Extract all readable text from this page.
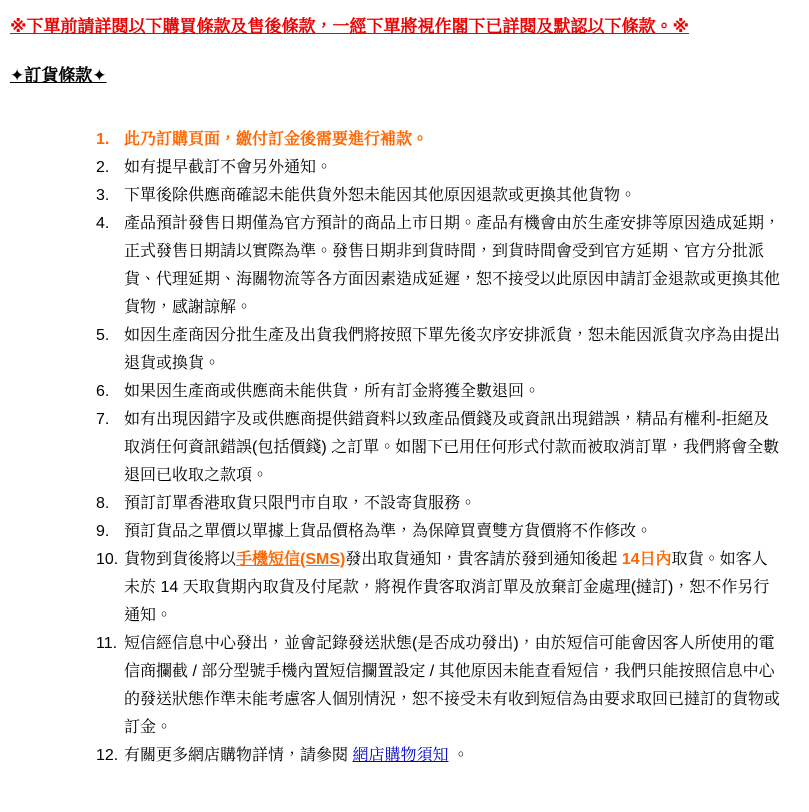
※下單前請詳閱以下購買條款及售後條款，一經下單將視作閣下已詳閱及默認以下條款。※
✦訂貨條款✦
1. 此乃訂購頁面，繳付訂金後需要進行補款。
2. 如有提早截訂不會另外通知。
3. 下單後除供應商確認未能供貨外恕未能因其他原因退款或更換其他貨物。
4. 產品預計發售日期僅為官方預計的商品上市日期。產品有機會由於生產安排等原因造成延期，正式發售日期請以實際為準。發售日期非到貨時間，到貨時間會受到官方延期、官方分批派貨、代理延期、海關物流等各方面因素造成延遲，恕不接受以此原因申請訂金退款或更換其他貨物，感謝諒解。
5. 如因生產商因分批生產及出貨我們將按照下單先後次序安排派貨，恕未能因派貨次序為由提出退貨或換貨。
6. 如果因生產商或供應商未能供貨，所有訂金將獲全數退回。
7. 如有出現因錯字及或供應商提供錯資料以致產品價錢及或資訊出現錯誤，精品有權利-拒絕及取消任何資訊錯誤(包括價錢) 之訂單。如閣下已用任何形式付款而被取消訂單，我們將會全數退回已收取之款項。
8. 預訂訂單香港取貨只限門市自取，不設寄貨服務。
9. 預訂貨品之單價以單據上貨品價格為準，為保障買賣雙方貨價將不作修改。
10. 貨物到貨後將以手機短信(SMS)發出取貨通知，貴客請於發到通知後起 14日內取貨。如客人未於 14 天取貨期內取貨及付尾款，將視作貴客取消訂單及放棄訂金處理(撻訂)，恕不作另行通知。
11. 短信經信息中心發出，並會記錄發送狀態(是否成功發出)，由於短信可能會因客人所使用的電信商攔截 / 部分型號手機內置短信攔置設定 / 其他原因未能查看短信，我們只能按照信息中心的發送狀態作準未能考慮客人個別情況，恕不接受未有收到短信為由要求取回已撻訂的貨物或訂金。
12. 有關更多網店購物詳情，請參閱 網店購物須知 。
